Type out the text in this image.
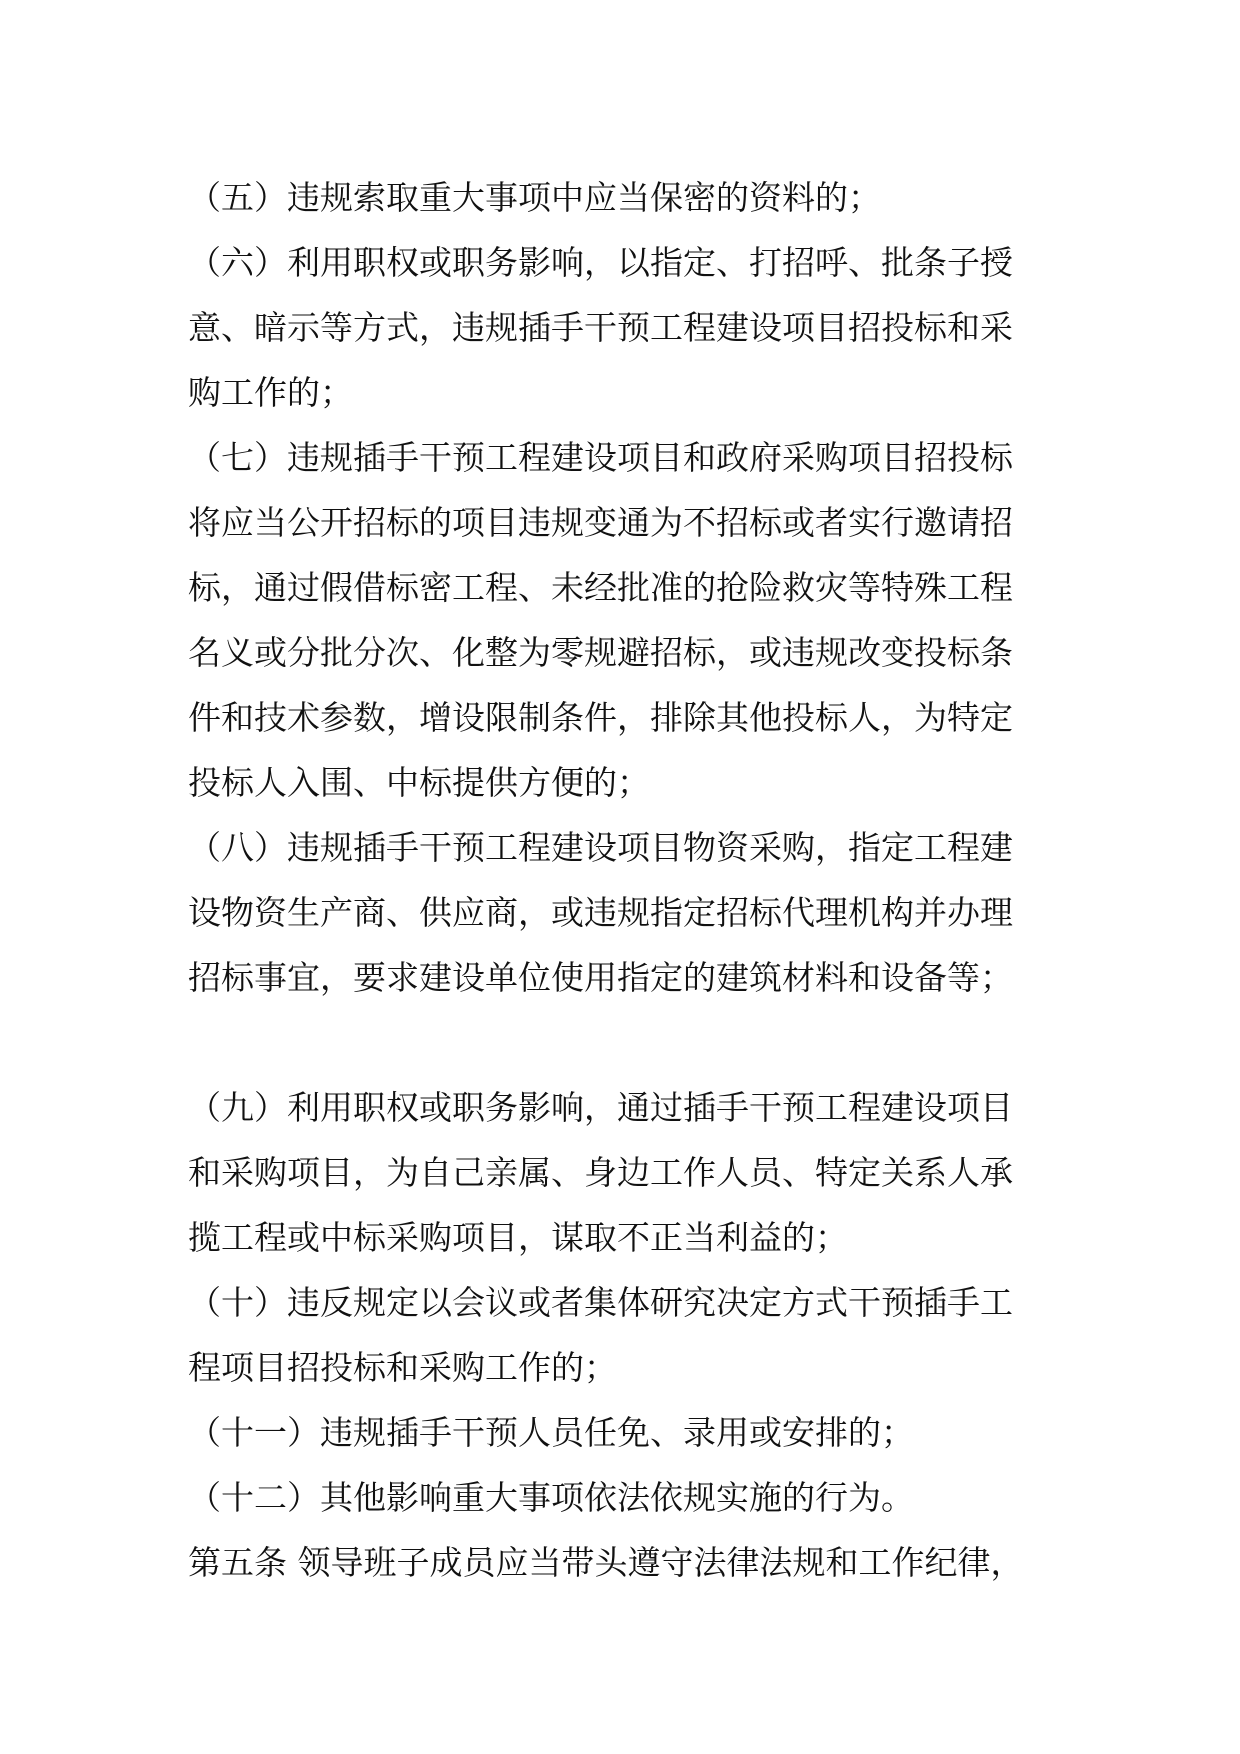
（五）违规索取重大事项中应当保密的资料的；
（六）利用职权或职务影响，以指定、打招呼、批条子授
意、暗示等方式，违规插手干预工程建设项目招投标和采
购工作的；
（七）违规插手干预工程建设项目和政府采购项目招投标
将应当公开招标的项目违规变通为不招标或者实行邀请招
标，通过假借标密工程、未经批准的抢险救灾等特殊工程
名义或分批分次、化整为零规避招标，或违规改变投标条
件和技术参数，增设限制条件，排除其他投标人，为特定
投标人入围、中标提供方便的；
（八）违规插手干预工程建设项目物资采购，指定工程建
设物资生产商、供应商，或违规指定招标代理机构并办理
招标事宜，要求建设单位使用指定的建筑材料和设备等；
（九）利用职权或职务影响，通过插手干预工程建设项目
和采购项目，为自己亲属、身边工作人员、特定关系人承
揽工程或中标采购项目，谋取不正当利益的；
（十）违反规定以会议或者集体研究决定方式干预插手工
程项目招投标和采购工作的；
（十一）违规插手干预人员任免、录用或安排的；
（十二）其他影响重大事项依法依规实施的行为。
第五条 领导班子成员应当带头遵守法律法规和工作纪律，
